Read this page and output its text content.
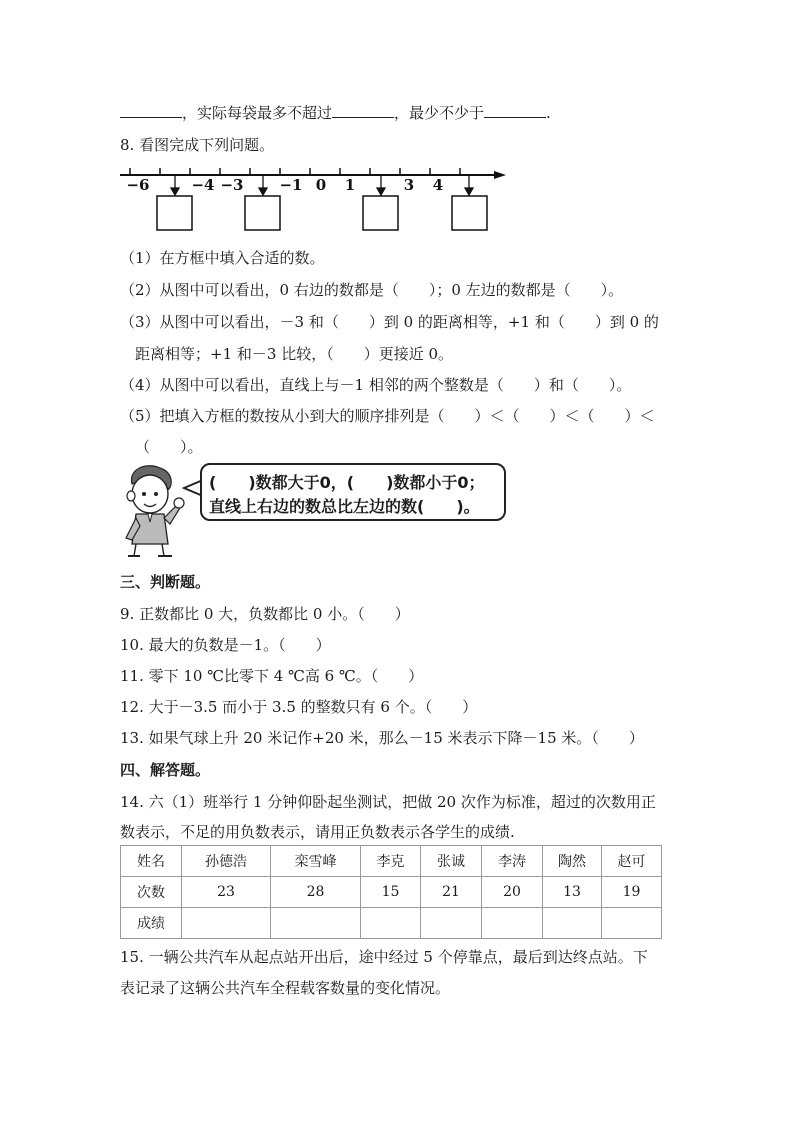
，实际每袋最多不超过	，最少不少于	.
8. 看图完成下列问题。
−6	−4 −3 −1 0 1	3 4
（1）在方框中填入合适的数。
（2）从图中可以看出，0 右边的数都是（　　）；0 左边的数都是（　　）。
（3）从图中可以看出，－3 和（　　）到 0 的距离相等，+1 和（　　）到 0 的
距离相等；+1 和－3 比较，（　　）更接近 0。
（4）从图中可以看出，直线上与－1 相邻的两个整数是（　　）和（　　）。
（5）把填入方框的数按从小到大的顺序排列是（　　）＜（　　）＜（　　）＜
（　　）。
(　　)数都大于0，(　　)数都小于0；
直线上右边的数总比左边的数(　　)。
三、判断题。
9. 正数都比 0 大，负数都比 0 小。（　　）
10. 最大的负数是－1。（　　）
11. 零下 10 ℃比零下 4 ℃高 6 ℃。（　　）
12. 大于－3.5 而小于 3.5 的整数只有 6 个。（　　）
13. 如果气球上升 20 米记作+20 米，那么－15 米表示下降－15 米。（　　）
四、解答题。
14. 六（1）班举行 1 分钟仰卧起坐测试，把做 20 次作为标准，超过的次数用正
数表示，不足的用负数表示，请用正负数表示各学生的成绩.
姓名	孙德浩	栾雪峰	李克	张诚	李涛	陶然	赵可
次数	23	28	15	21	20	13	19
成绩							
15. 一辆公共汽车从起点站开出后，途中经过 5 个停靠点，最后到达终点站。下
表记录了这辆公共汽车全程载客数量的变化情况。
